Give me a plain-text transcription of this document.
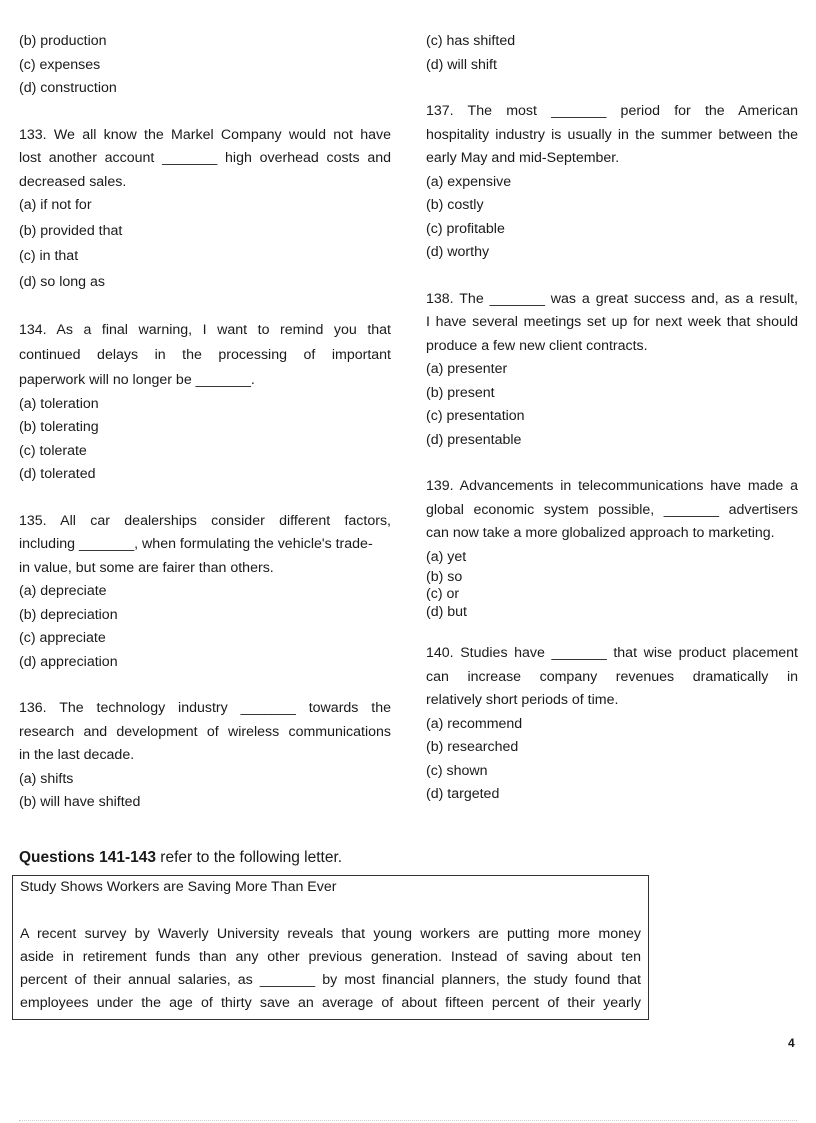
(b) production
(c) expenses
(d) construction
133. We all know the Markel Company would not have
lost another account _______ high overhead costs and
decreased sales.
(a) if not for
(b) provided that
(c) in that
(d) so long as
134. As a final warning, I want to remind you that
continued delays in the processing of important
paperwork will no longer be _______.
(a) toleration
(b) tolerating
(c) tolerate
(d) tolerated
135. All car dealerships consider different factors,
including _______, when formulating the vehicle's trade-
in value, but some are fairer than others.
(a) depreciate
(b) depreciation
(c) appreciate
(d) appreciation
136. The technology industry _______ towards the
research and development of wireless communications
in the last decade.
(a) shifts
(b) will have shifted
(c) has shifted
(d) will shift
137. The most _______ period for the American
hospitality industry is usually in the summer between the
early May and mid-September.
(a) expensive
(b) costly
(c) profitable
(d) worthy
138. The _______ was a great success and, as a result,
I have several meetings set up for next week that should
produce a few new client contracts.
(a) presenter
(b) present
(c) presentation
(d) presentable
139. Advancements in telecommunications have made a
global economic system possible, _______ advertisers
can now take a more globalized approach to marketing.
(a) yet
(b) so
(c) or
(d) but
140. Studies have _______ that wise product placement
can increase company revenues dramatically in
relatively short periods of time.
(a) recommend
(b) researched
(c) shown
(d) targeted
Questions 141-143 refer to the following letter.
Study Shows Workers are Saving More Than Ever
A recent survey by Waverly University reveals that young workers are putting more money
aside in retirement funds than any other previous generation. Instead of saving about ten
percent of their annual salaries, as _______ by most financial planners, the study found that
employees under the age of thirty save an average of about fifteen percent of their yearly
4
